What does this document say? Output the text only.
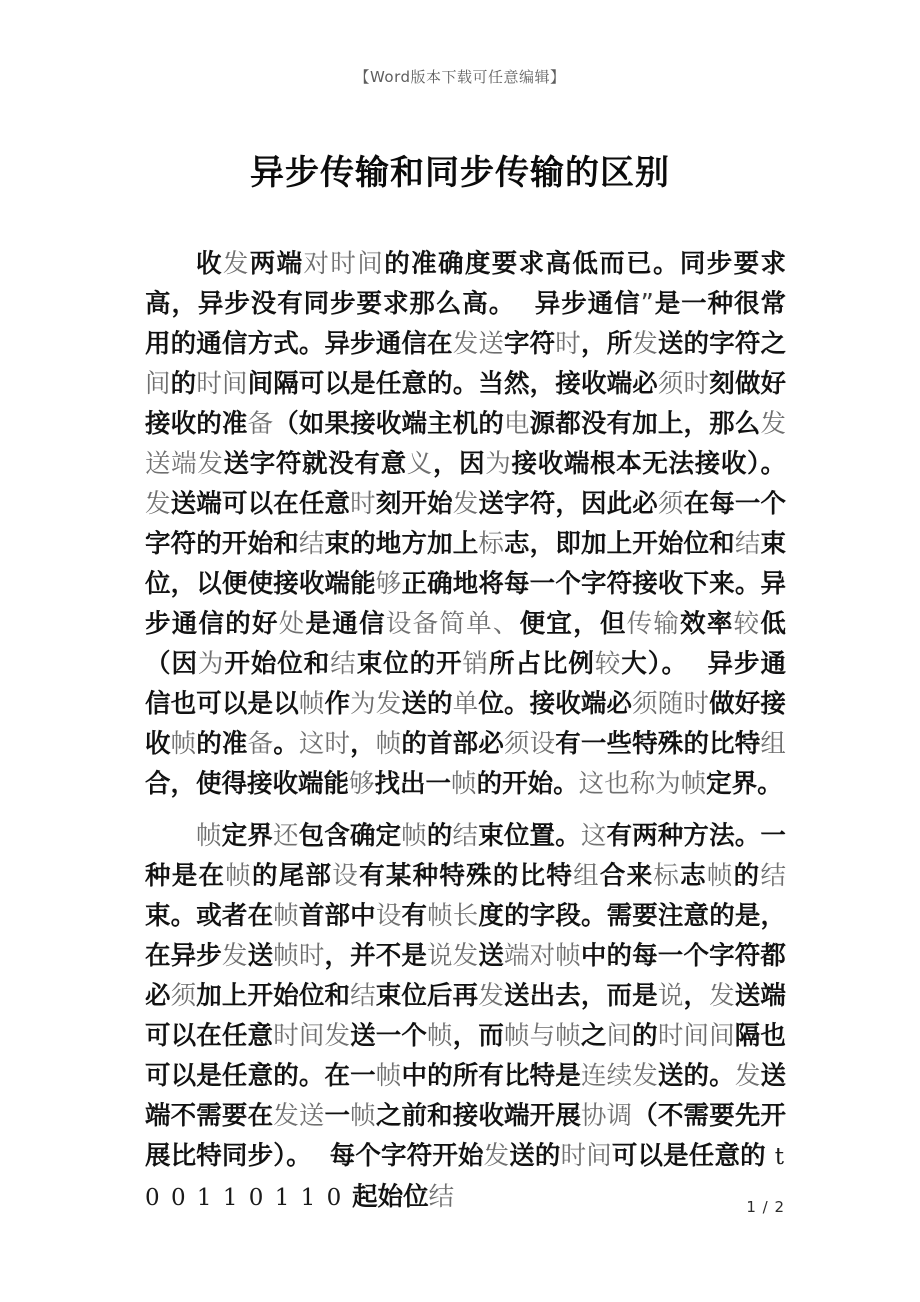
【Word版本下载可任意编辑】
异步传输和同步传输的区别

收发两端对时间的准确度要求高低而已。同步要求高，异步没有同步要求那么高。  异步通信”是一种很常用的通信方式。异步通信在发送字符时，所发送的字符之间的时间间隔可以是任意的。当然，接收端必须时刻做好接收的准备（如果接收端主机的电源都没有加上，那么发送端发送字符就没有意义，因为接收端根本无法接收）。发送端可以在任意时刻开始发送字符，因此必须在每一个字符的开始和结束的地方加上标志，即加上开始位和结束位，以便使接收端能够正确地将每一个字符接收下来。异步通信的好处是通信设备简单、便宜，但传输效率较低（因为开始位和结束位的开销所占比例较大）。  异步通信也可以是以帧作为发送的单位。接收端必须随时做好接收帧的准备。这时，帧的首部必须设有一些特殊的比特组合，使得接收端能够找出一帧的开始。这也称为帧定界。

帧定界还包含确定帧的结束位置。这有两种方法。一种是在帧的尾部设有某种特殊的比特组合来标志帧的结束。或者在帧首部中设有帧长度的字段。需要注意的是，在异步发送帧时，并不是说发送端对帧中的每一个字符都必须加上开始位和结束位后再发送出去，而是说，发送端可以在任意时间发送一个帧，而帧与帧之间的时间间隔也可以是任意的。在一帧中的所有比特是连续发送的。发送端不需要在发送一帧之前和接收端开展协调（不需要先开展比特同步）。  每个字符开始发送的时间可以是任意的 t0 0 1 1 0 1 1 0 起始位结	1 / 2
